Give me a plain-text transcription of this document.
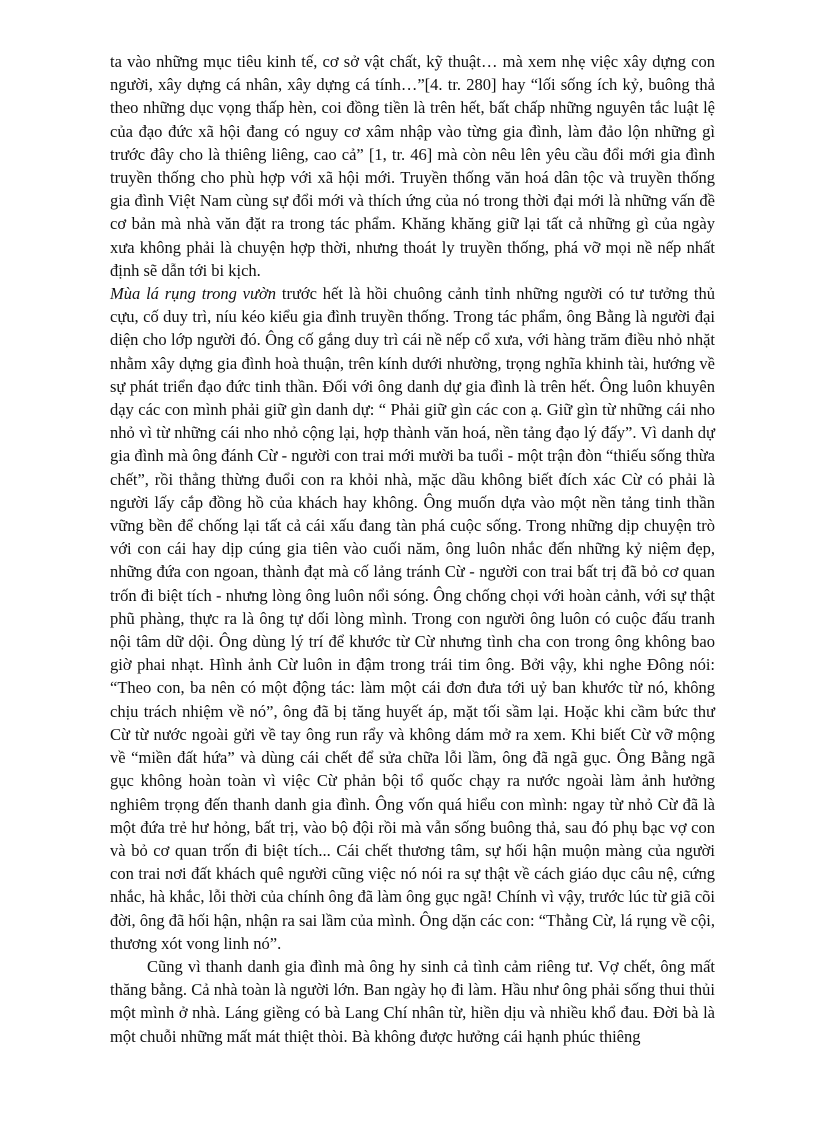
ta vào những mục tiêu kinh tế, cơ sở vật chất, kỹ thuật… mà xem nhẹ việc xây dựng con người, xây dựng cá nhân, xây dựng cá tính…”[4. tr. 280] hay “lối sống ích kỷ, buông thả theo những dục vọng thấp hèn, coi đồng tiền là trên hết, bất chấp những nguyên tắc luật lệ của đạo đức xã hội đang có nguy cơ xâm nhập vào từng gia đình, làm đảo lộn những gì trước đây cho là thiêng liêng, cao cả” [1, tr. 46] mà còn nêu lên yêu cầu đổi mới gia đình truyền thống cho phù hợp với xã hội mới. Truyền thống văn hoá dân tộc và truyền thống gia đình Việt Nam cùng sự đổi mới và thích ứng của nó trong thời đại mới là những vấn đề cơ bản mà nhà văn đặt ra trong tác phẩm. Khăng khăng giữ lại tất cả những gì của ngày xưa không phải là chuyện hợp thời, nhưng thoát ly truyền thống, phá vỡ mọi nề nếp nhất định sẽ dẫn tới bi kịch.

Mùa lá rụng trong vườn trước hết là hồi chuông cảnh tỉnh những người có tư tưởng thủ cựu, cố duy trì, níu kéo kiểu gia đình truyền thống. Trong tác phẩm, ông Bằng là người đại diện cho lớp người đó. Ông cố gắng duy trì cái nề nếp cổ xưa, với hàng trăm điều nhỏ nhặt nhằm xây dựng gia đình hoà thuận, trên kính dưới nhường, trọng nghĩa khinh tài, hướng về sự phát triển đạo đức tinh thần. Đối với ông danh dự gia đình là trên hết. Ông luôn khuyên dạy các con mình phải giữ gìn danh dự: “ Phải giữ gìn các con ạ. Giữ gìn từ những cái nho nhỏ vì từ những cái nho nhỏ cộng lại, hợp thành văn hoá, nền tảng đạo lý đấy”. Vì danh dự gia đình mà ông đánh Cừ - người con trai mới mười ba tuổi - một trận đòn “thiếu sống thừa chết”, rồi thẳng thừng đuổi con ra khỏi nhà, mặc dầu không biết đích xác Cừ có phải là người lấy cắp đồng hồ của khách hay không. Ông muốn dựa vào một nền tảng tinh thần vững bền để chống lại tất cả cái xấu đang tàn phá cuộc sống. Trong những dịp chuyện trò với con cái hay dịp cúng gia tiên vào cuối năm, ông luôn nhắc đến những kỷ niệm đẹp, những đứa con ngoan, thành đạt mà cố lảng tránh Cừ - người con trai bất trị đã bỏ cơ quan trốn đi biệt tích - nhưng lòng ông luôn nổi sóng. Ông chống chọi với hoàn cảnh, với sự thật phũ phàng, thực ra là ông tự dối lòng mình. Trong con người ông luôn có cuộc đấu tranh nội tâm dữ dội. Ông dùng lý trí để khước từ Cừ nhưng tình cha con trong ông không bao giờ phai nhạt. Hình ảnh Cừ luôn in đậm trong trái tim ông. Bởi vậy, khi nghe Đông nói: “Theo con, ba nên có một động tác: làm một cái đơn đưa tới uỷ ban khước từ nó, không chịu trách nhiệm về nó”, ông đã bị tăng huyết áp, mặt tối sầm lại. Hoặc khi cầm bức thư Cừ từ nước ngoài gửi về tay ông run rẩy và không dám mở ra xem. Khi biết Cừ vỡ mộng về “miền đất hứa” và dùng cái chết để sửa chữa lỗi lầm, ông đã ngã gục. Ông Bằng ngã gục không hoàn toàn vì việc Cừ phản bội tổ quốc chạy ra nước ngoài làm ảnh hưởng nghiêm trọng đến thanh danh gia đình. Ông vốn quá hiểu con mình: ngay từ nhỏ Cừ đã là một đứa trẻ hư hỏng, bất trị, vào bộ đội rồi mà vẫn sống buông thả, sau đó phụ bạc vợ con và bỏ cơ quan trốn đi biệt tích... Cái chết thương tâm, sự hối hận muộn màng của người con trai nơi đất khách quê người cũng việc nó nói ra sự thật về cách giáo dục câu nệ, cứng nhắc, hà khắc, lỗi thời của chính ông đã làm ông gục ngã! Chính vì vậy, trước lúc từ giã cõi đời, ông đã hối hận, nhận ra sai lầm của mình. Ông dặn các con: “Thằng Cừ, lá rụng về cội, thương xót vong linh nó”.

Cũng vì thanh danh gia đình mà ông hy sinh cả tình cảm riêng tư. Vợ chết, ông mất thăng bằng. Cả nhà toàn là người lớn. Ban ngày họ đi làm. Hầu như ông phải sống thui thủi một mình ở nhà. Láng giềng có bà Lang Chí nhân từ, hiền dịu và nhiều khổ đau. Đời bà là một chuỗi những mất mát thiệt thòi. Bà không được hưởng cái hạnh phúc thiêng
